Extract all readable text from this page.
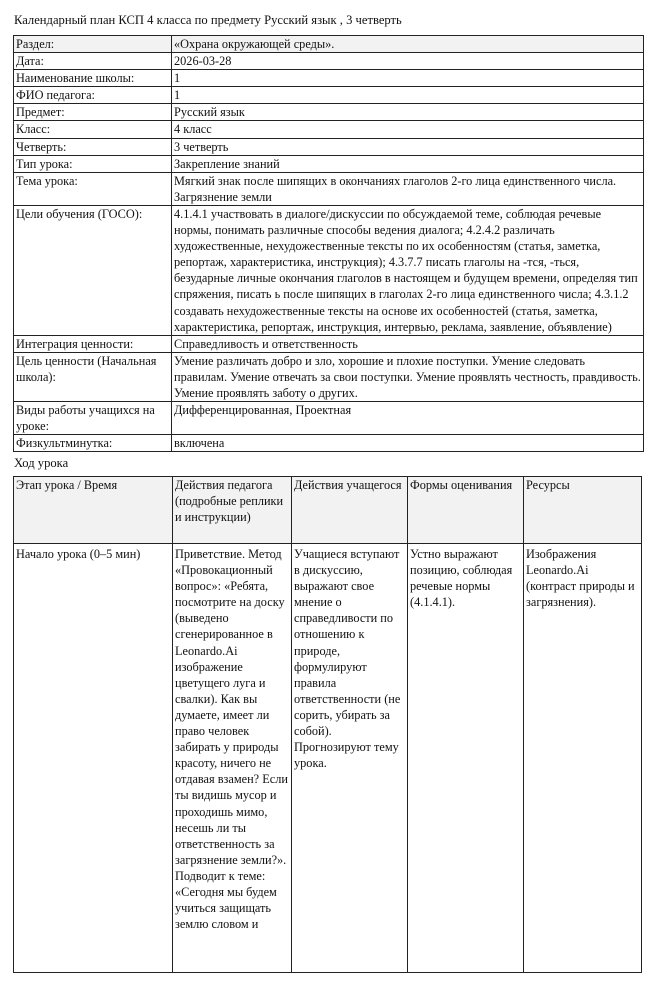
Календарный план КСП 4 класса по предмету Русский язык , 3 четверть
Раздел:	«Охрана окружающей среды».
Дата:	2026-03-28
Наименование школы:	1
ФИО педагога:	1
Предмет:	Русский язык
Класс:	4 класс
Четверть:	3 четверть
Тип урока:	Закрепление знаний
Тема урока:	Мягкий знак после шипящих в окончаниях глаголов 2-го лица единственного числа. Загрязнение земли
Цели обучения (ГОСО):	4.1.4.1 участвовать в диалоге/дискуссии по обсуждаемой теме, соблюдая речевые нормы, понимать различные способы ведения диалога; 4.2.4.2 различать художественные, нехудожественные тексты по их особенностям (статья, заметка, репортаж, характеристика, инструкция); 4.3.7.7 писать глаголы на -тся, -ться, безударные личные окончания глаголов в настоящем и будущем времени, определяя тип спряжения, писать ь после шипящих в глаголах 2-го лица единственного числа; 4.3.1.2 создавать нехудожественные тексты на основе их особенностей (статья, заметка, характеристика, репортаж, инструкция, интервью, реклама, заявление, объявление)
Интеграция ценности:	Справедливость и ответственность
Цель ценности (Начальная школа):	Умение различать добро и зло, хорошие и плохие поступки. Умение следовать правилам. Умение отвечать за свои поступки. Умение проявлять честность, правдивость. Умение проявлять заботу о других.
Виды работы учащихся на уроке:	Дифференцированная, Проектная
Физкультминутка:	включена
Ход урока
Этап урока / Время	Действия педагога (подробные реплики и инструкции)	Действия учащегося	Формы оценивания	Ресурсы
Начало урока (0–5 мин)	Приветствие. Метод «Провокационный вопрос»: «Ребята, посмотрите на доску (выведено сгенерированное в Leonardo.Ai изображение цветущего луга и свалки). Как вы думаете, имеет ли право человек забирать у природы красоту, ничего не отдавая взамен? Если ты видишь мусор и проходишь мимо, несешь ли ты ответственность за загрязнение земли?». Подводит к теме: «Сегодня мы будем учиться защищать землю словом и	Учащиеся вступают в дискуссию, выражают свое мнение о справедливости по отношению к природе, формулируют правила ответственности (не сорить, убирать за собой). Прогнозируют тему урока.	Устно выражают позицию, соблюдая речевые нормы (4.1.4.1).	Изображения Leonardo.Ai (контраст природы и загрязнения).
